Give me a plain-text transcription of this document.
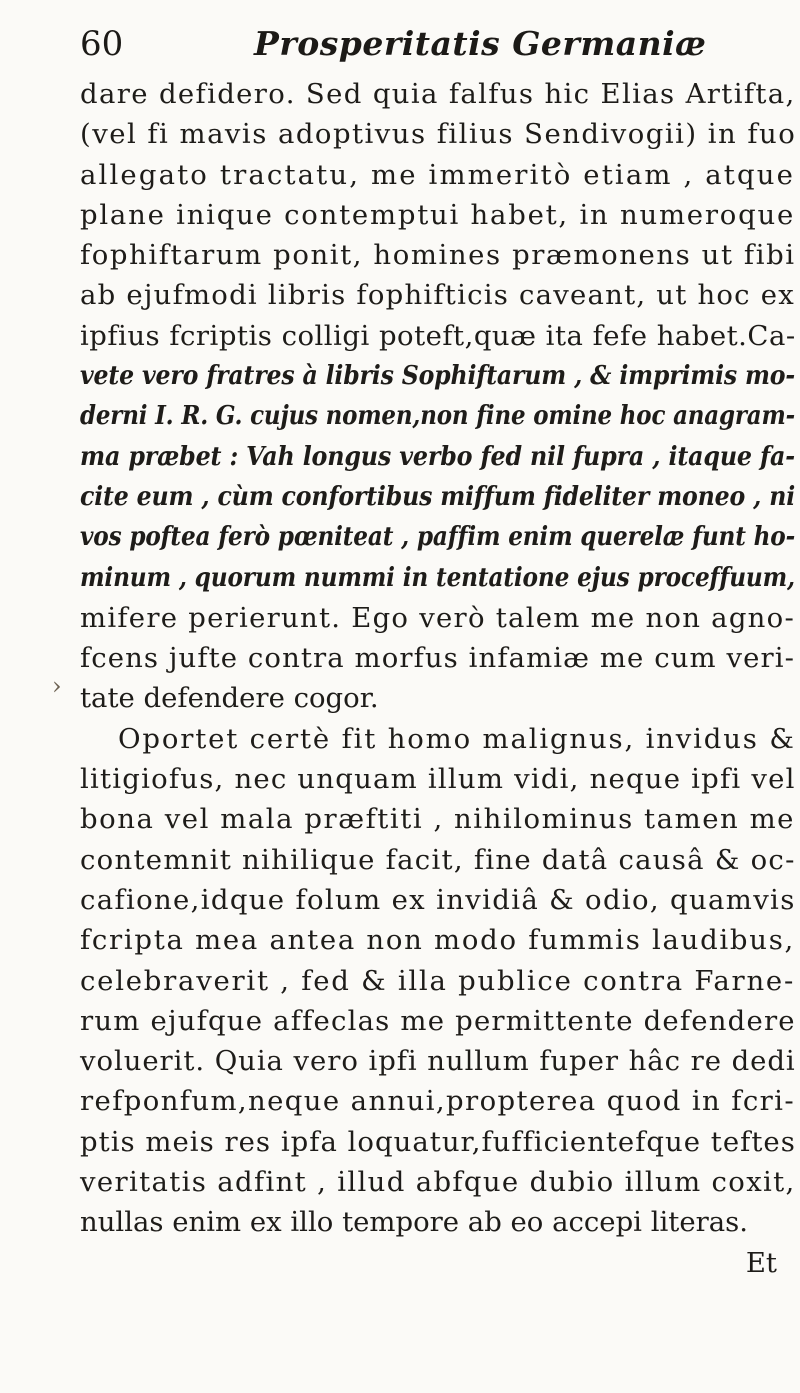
60	Prosperitatis Germaniæ
›
dare defidero. Sed quia falfus hic Elias Artifta,
(vel fi mavis adoptivus filius Sendivogii) in fuo
allegato tractatu, me immeritò etiam , atque
plane inique contemptui habet, in numeroque
fophiftarum ponit, homines præmonens ut fibi
ab ejufmodi libris fophifticis caveant, ut hoc ex
ipfius fcriptis colligi poteft,quæ ita fefe habet.Ca-
vete vero fratres à libris Sophiftarum , & imprimis mo-
derni I. R. G. cujus nomen,non fine omine hoc anagram-
ma præbet : Vah longus verbo fed nil fupra , itaque fa-
cite eum , cùm confortibus miffum fideliter moneo , ni
vos poftea ferò pœniteat , paffim enim querelæ funt ho-
minum , quorum nummi in tentatione ejus proceffuum,
mifere perierunt. Ego verò talem me non agno-
fcens jufte contra morfus infamiæ me cum veri-
tate defendere cogor.
Oportet certè fit homo malignus, invidus &
litigiofus, nec unquam illum vidi, neque ipfi vel
bona vel mala præftiti , nihilominus tamen me
contemnit nihilique facit, fine datâ causâ & oc-
cafione,idque folum ex invidiâ & odio, quamvis
fcripta mea antea non modo fummis laudibus,
celebraverit , fed & illa publice contra Farne-
rum ejufque affeclas me permittente defendere
voluerit. Quia vero ipfi nullum fuper hâc re dedi
refponfum,neque annui,propterea quod in fcri-
ptis meis res ipfa loquatur,fufficientefque teftes
veritatis adfint , illud abfque dubio illum coxit,
nullas enim ex illo tempore ab eo accepi literas.
Et
